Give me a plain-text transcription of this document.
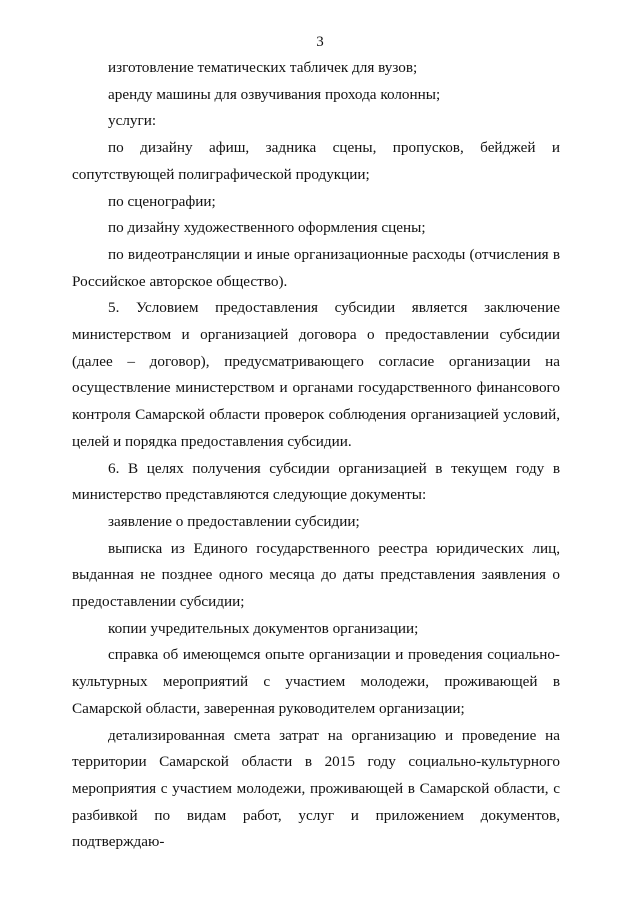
3

изготовление тематических табличек для вузов;

аренду машины для озвучивания прохода колонны;

услуги:

по дизайну афиш, задника сцены, пропусков, бейджей и сопутствующей полиграфической продукции;

по сценографии;

по дизайну художественного оформления сцены;

по видеотрансляции и иные организационные расходы (отчисления в Российское авторское общество).

5. Условием предоставления субсидии является заключение министерством и организацией договора о предоставлении субсидии (далее – договор), предусматривающего согласие организации на осуществление министерством и органами государственного финансового контроля Самарской области проверок соблюдения организацией условий, целей и порядка предоставления субсидии.

6. В целях получения субсидии организацией в текущем году в министерство представляются следующие документы:

заявление о предоставлении субсидии;

выписка из Единого государственного реестра юридических лиц, выданная не позднее одного месяца до даты представления заявления о предоставлении субсидии;

копии учредительных документов организации;

справка об имеющемся опыте организации и проведения социально-культурных мероприятий с участием молодежи, проживающей в Самарской области, заверенная руководителем организации;

детализированная смета затрат на организацию и проведение на территории Самарской области в 2015 году социально-культурного мероприятия с участием молодежи, проживающей в Самарской области, с разбивкой по видам работ, услуг и приложением документов, подтверждаю-
